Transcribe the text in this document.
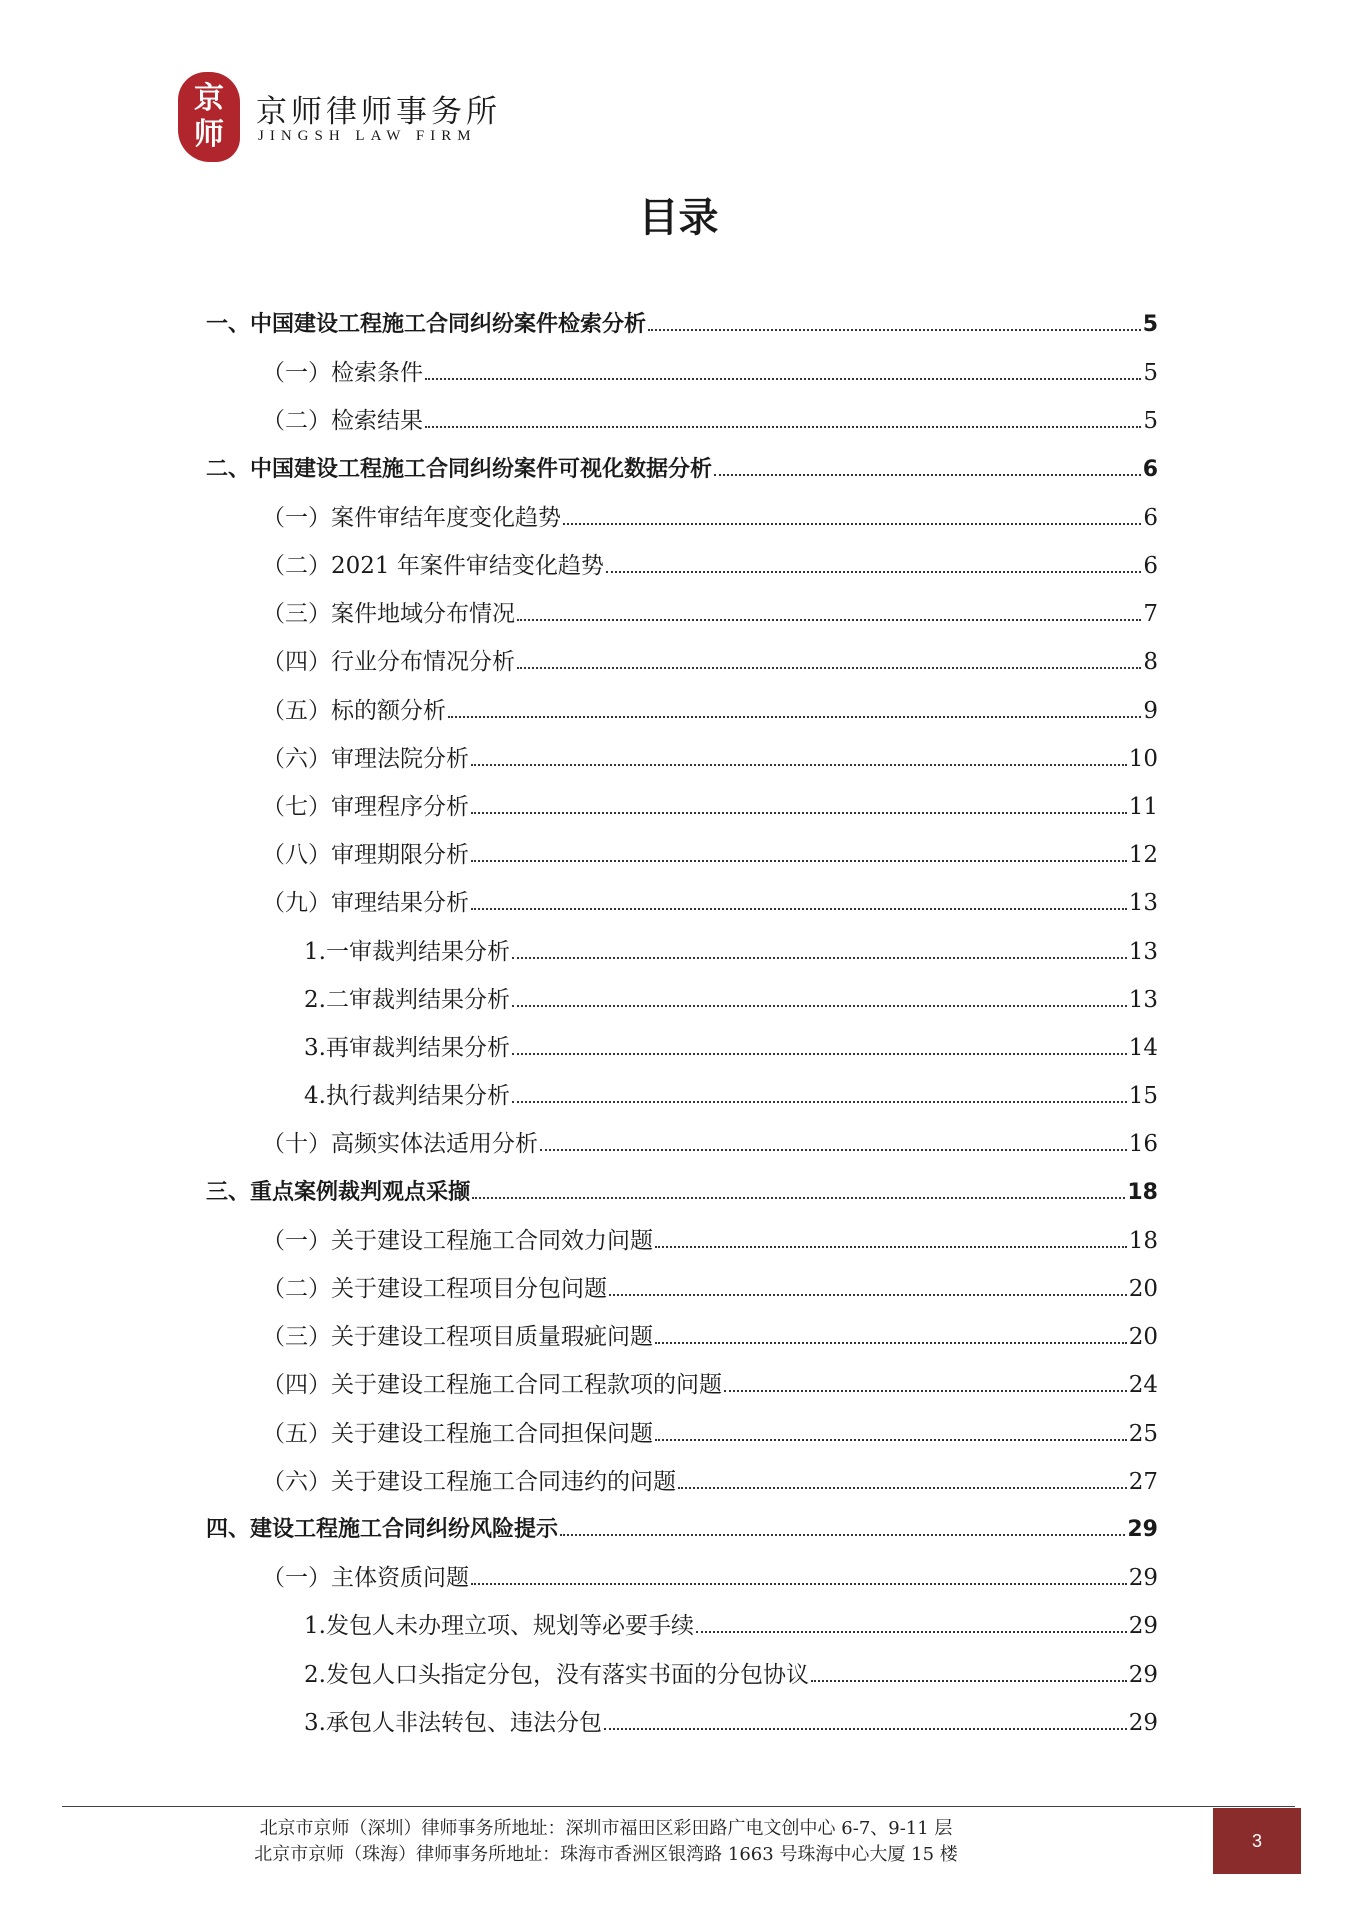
京
师
京师律师事务所
JINGSH LAW FIRM
目录
一、中国建设工程施工合同纠纷案件检索分析	5
（一）检索条件	5
（二）检索结果	5
二、中国建设工程施工合同纠纷案件可视化数据分析	6
（一）案件审结年度变化趋势	6
（二）2021 年案件审结变化趋势	6
（三）案件地域分布情况	7
（四）行业分布情况分析	8
（五）标的额分析	9
（六）审理法院分析	10
（七）审理程序分析	11
（八）审理期限分析	12
（九）审理结果分析	13
1.一审裁判结果分析	13
2.二审裁判结果分析	13
3.再审裁判结果分析	14
4.执行裁判结果分析	15
（十）高频实体法适用分析	16
三、重点案例裁判观点采撷	18
（一）关于建设工程施工合同效力问题	18
（二）关于建设工程项目分包问题	20
（三）关于建设工程项目质量瑕疵问题	20
（四）关于建设工程施工合同工程款项的问题	24
（五）关于建设工程施工合同担保问题	25
（六）关于建设工程施工合同违约的问题	27
四、建设工程施工合同纠纷风险提示	29
（一）主体资质问题	29
1.发包人未办理立项、规划等必要手续	29
2.发包人口头指定分包，没有落实书面的分包协议	29
3.承包人非法转包、违法分包	29
北京市京师（深圳）律师事务所地址：深圳市福田区彩田路广电文创中心 6-7、9-11 层
北京市京师（珠海）律师事务所地址：珠海市香洲区银湾路 1663 号珠海中心大厦 15 楼
3
